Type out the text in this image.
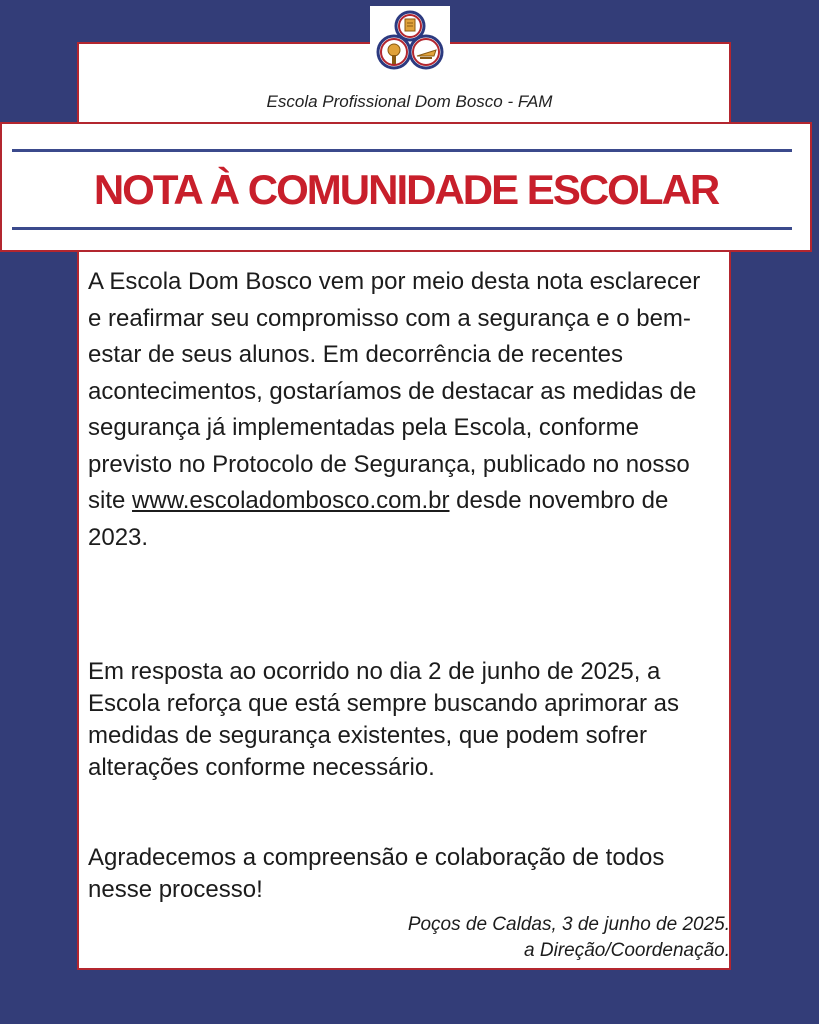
Escola Profissional Dom Bosco - FAM
NOTA À COMUNIDADE ESCOLAR
A Escola Dom Bosco vem por meio desta nota esclarecer e reafirmar seu compromisso com a segurança e o bem-estar de seus alunos. Em decorrência de recentes acontecimentos, gostaríamos de destacar as medidas de segurança já implementadas pela Escola, conforme previsto no Protocolo de Segurança, publicado no nosso site www.escoladombosco.com.br desde novembro de 2023.
Em resposta ao ocorrido no dia 2 de junho de 2025, a Escola reforça que está sempre buscando aprimorar as medidas de segurança existentes, que podem sofrer alterações conforme necessário.
Agradecemos a compreensão e colaboração de todos nesse processo!
Poços de Caldas, 3 de junho de 2025.
a Direção/Coordenação.
